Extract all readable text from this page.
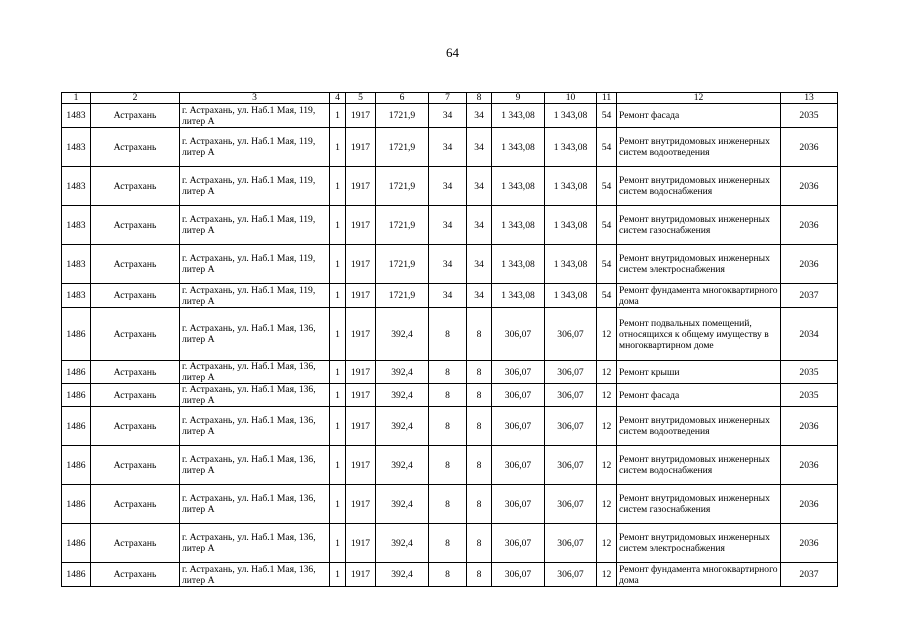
64
1	2	3	4	5	6	7	8	9	10	11	12	13
1483	Астрахань	г. Астрахань, ул. Наб.1 Мая, 119, литер А	1	1917	1721,9	34	34	1 343,08	1 343,08	54	Ремонт фасада	2035
1483	Астрахань	г. Астрахань, ул. Наб.1 Мая, 119, литер А	1	1917	1721,9	34	34	1 343,08	1 343,08	54	Ремонт внутридомовых инженерных систем водоотведения	2036
1483	Астрахань	г. Астрахань, ул. Наб.1 Мая, 119, литер А	1	1917	1721,9	34	34	1 343,08	1 343,08	54	Ремонт внутридомовых инженерных систем водоснабжения	2036
1483	Астрахань	г. Астрахань, ул. Наб.1 Мая, 119, литер А	1	1917	1721,9	34	34	1 343,08	1 343,08	54	Ремонт внутридомовых инженерных систем газоснабжения	2036
1483	Астрахань	г. Астрахань, ул. Наб.1 Мая, 119, литер А	1	1917	1721,9	34	34	1 343,08	1 343,08	54	Ремонт внутридомовых инженерных систем электроснабжения	2036
1483	Астрахань	г. Астрахань, ул. Наб.1 Мая, 119, литер А	1	1917	1721,9	34	34	1 343,08	1 343,08	54	Ремонт фундамента многоквартирного дома	2037
1486	Астрахань	г. Астрахань, ул. Наб.1 Мая, 136, литер А	1	1917	392,4	8	8	306,07	306,07	12	Ремонт подвальных помещений, относящихся к общему имуществу в многоквартирном доме	2034
1486	Астрахань	г. Астрахань, ул. Наб.1 Мая, 136, литер А	1	1917	392,4	8	8	306,07	306,07	12	Ремонт крыши	2035
1486	Астрахань	г. Астрахань, ул. Наб.1 Мая, 136, литер А	1	1917	392,4	8	8	306,07	306,07	12	Ремонт фасада	2035
1486	Астрахань	г. Астрахань, ул. Наб.1 Мая, 136, литер А	1	1917	392,4	8	8	306,07	306,07	12	Ремонт внутридомовых инженерных систем водоотведения	2036
1486	Астрахань	г. Астрахань, ул. Наб.1 Мая, 136, литер А	1	1917	392,4	8	8	306,07	306,07	12	Ремонт внутридомовых инженерных систем водоснабжения	2036
1486	Астрахань	г. Астрахань, ул. Наб.1 Мая, 136, литер А	1	1917	392,4	8	8	306,07	306,07	12	Ремонт внутридомовых инженерных систем газоснабжения	2036
1486	Астрахань	г. Астрахань, ул. Наб.1 Мая, 136, литер А	1	1917	392,4	8	8	306,07	306,07	12	Ремонт внутридомовых инженерных систем электроснабжения	2036
1486	Астрахань	г. Астрахань, ул. Наб.1 Мая, 136, литер А	1	1917	392,4	8	8	306,07	306,07	12	Ремонт фундамента многоквартирного дома	2037
